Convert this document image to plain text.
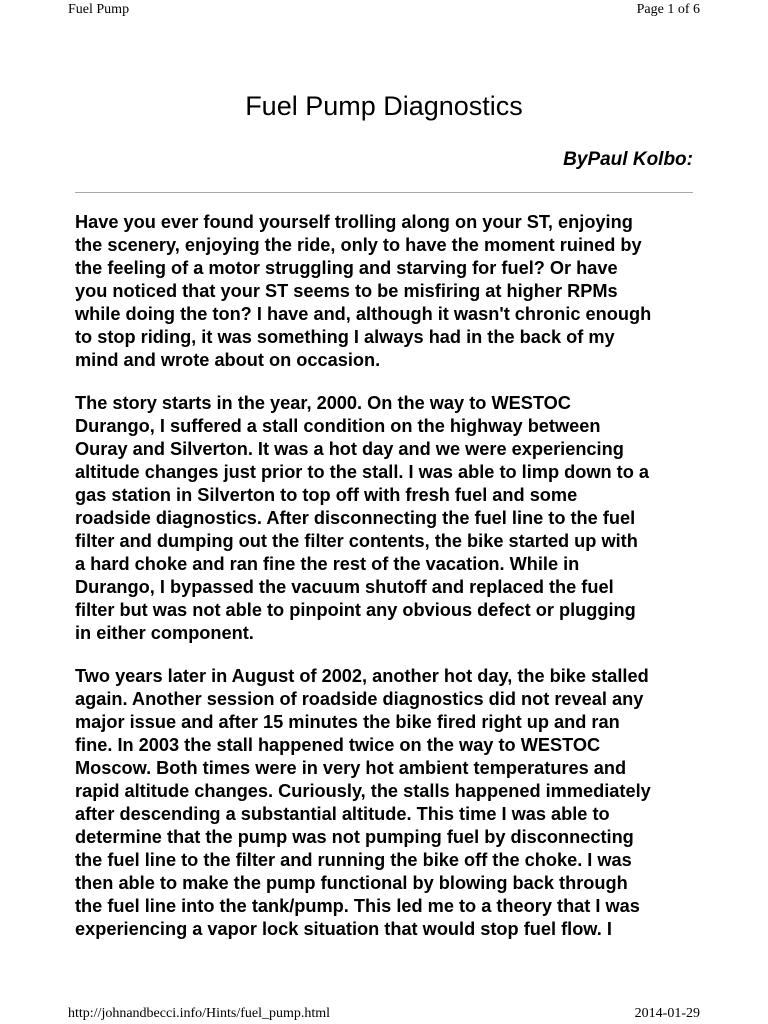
Fuel Pump	Page 1 of 6
Fuel Pump Diagnostics
ByPaul Kolbo:

Have you ever found yourself trolling along on your ST, enjoying
the scenery, enjoying the ride, only to have the moment ruined by
the feeling of a motor struggling and starving for fuel? Or have
you noticed that your ST seems to be misfiring at higher RPMs
while doing the ton? I have and, although it wasn't chronic enough
to stop riding, it was something I always had in the back of my
mind and wrote about on occasion.

The story starts in the year, 2000. On the way to WESTOC
Durango, I suffered a stall condition on the highway between
Ouray and Silverton. It was a hot day and we were experiencing
altitude changes just prior to the stall. I was able to limp down to a
gas station in Silverton to top off with fresh fuel and some
roadside diagnostics. After disconnecting the fuel line to the fuel
filter and dumping out the filter contents, the bike started up with
a hard choke and ran fine the rest of the vacation. While in
Durango, I bypassed the vacuum shutoff and replaced the fuel
filter but was not able to pinpoint any obvious defect or plugging
in either component.

Two years later in August of 2002, another hot day, the bike stalled
again. Another session of roadside diagnostics did not reveal any
major issue and after 15 minutes the bike fired right up and ran
fine. In 2003 the stall happened twice on the way to WESTOC
Moscow. Both times were in very hot ambient temperatures and
rapid altitude changes. Curiously, the stalls happened immediately
after descending a substantial altitude. This time I was able to
determine that the pump was not pumping fuel by disconnecting
the fuel line to the filter and running the bike off the choke. I was
then able to make the pump functional by blowing back through
the fuel line into the tank/pump. This led me to a theory that I was
experiencing a vapor lock situation that would stop fuel flow. I

http://johnandbecci.info/Hints/fuel_pump.html	2014-01-29
